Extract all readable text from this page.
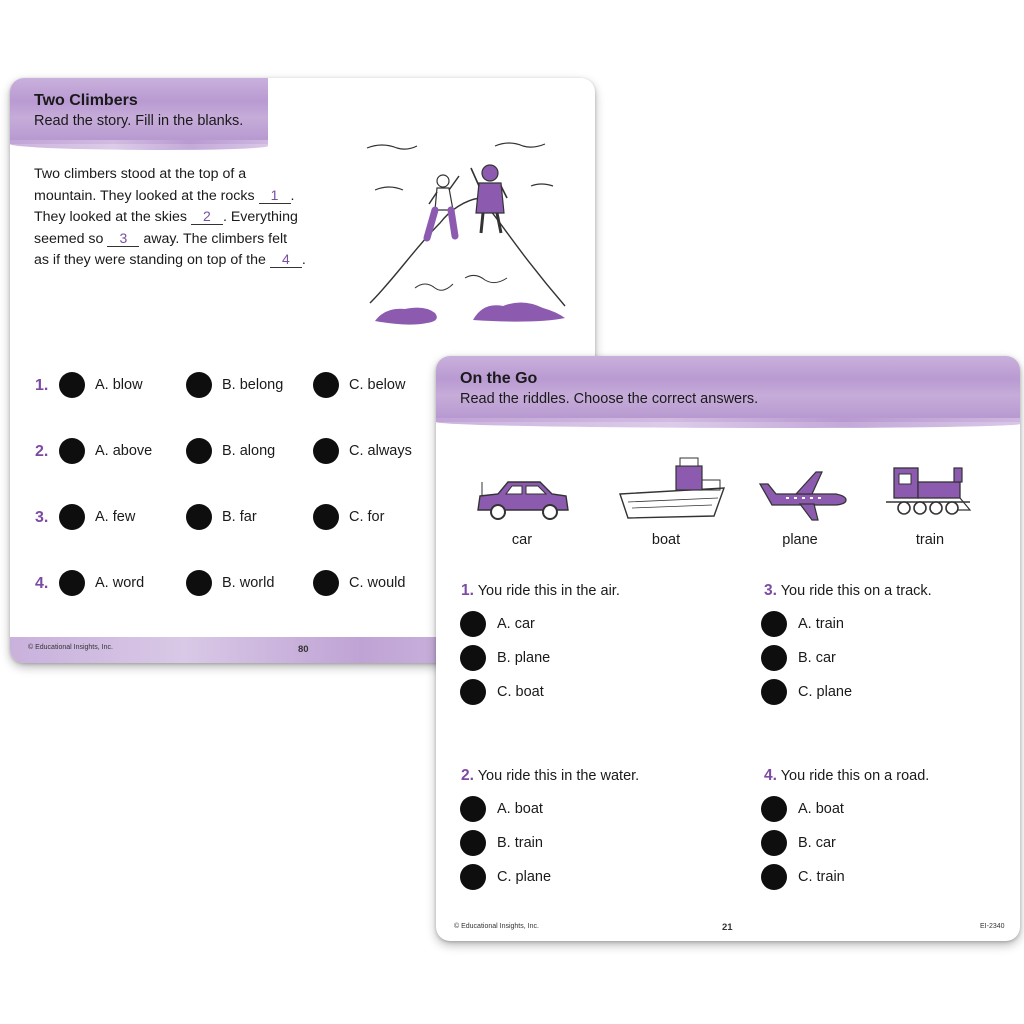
Two Climbers
Read the story. Fill in the blanks.
Two climbers stood at the top of a
mountain. They looked at the rocks 1 .
They looked at the skies 2 . Everything
seemed so 3 away. The climbers felt
as if they were standing on top of the 4 .
1.	A. blow	B. belong	C. below
2.	A. above	B. along	C. always
3.	A. few	B. far	C. for
4.	A. word	B. world	C. would
© Educational Insights, Inc.	80
On the Go
Read the riddles. Choose the correct answers.
car	boat	plane	train
1. You ride this in the air.
A. car
B. plane
C. boat
2. You ride this in the water.
A. boat
B. train
C. plane
3. You ride this on a track.
A. train
B. car
C. plane
4. You ride this on a road.
A. boat
B. car
C. train
© Educational Insights, Inc.	21	EI-2340
